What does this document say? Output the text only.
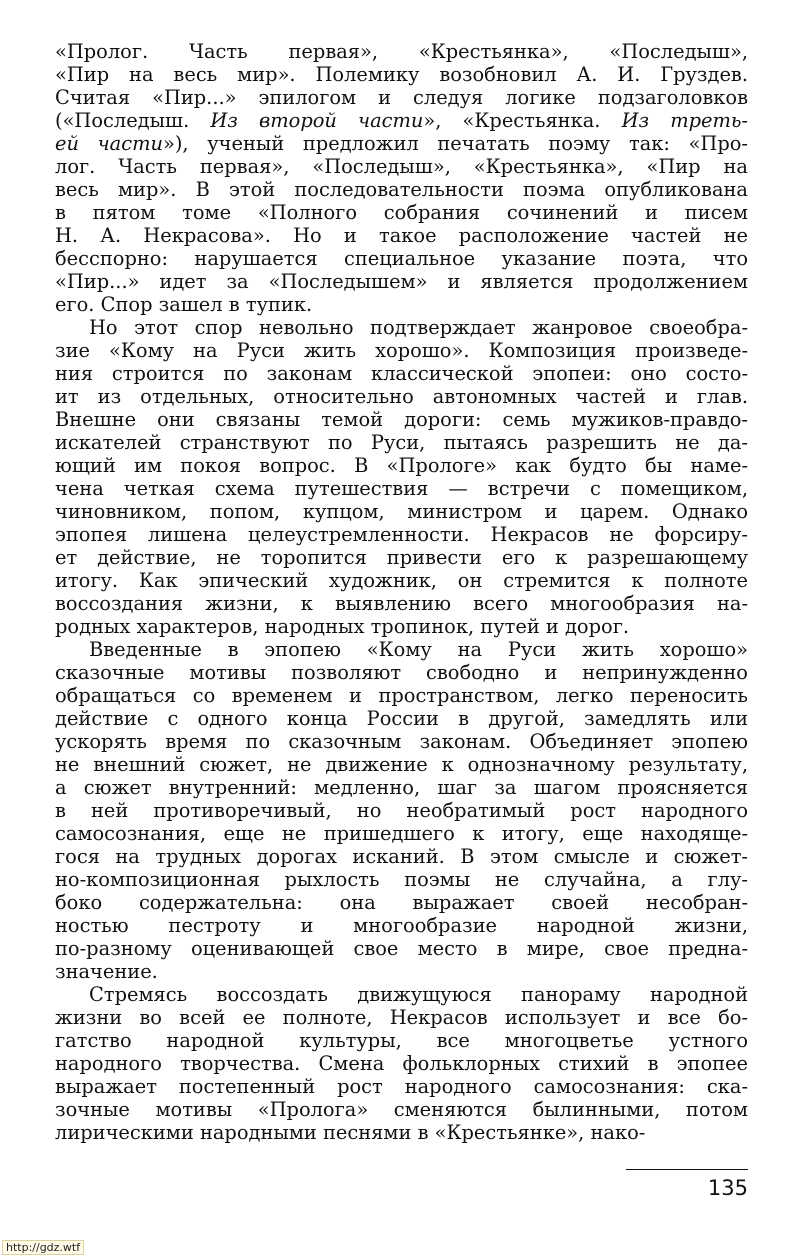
«Пролог. Часть первая», «Крестьянка», «Последыш»,
«Пир на весь мир». Полемику возобновил А. И. Груздев.
Считая «Пир...» эпилогом и следуя логике подзаголовков
(«Последыш. Из второй части», «Крестьянка. Из треть-
ей части»), ученый предложил печатать поэму так: «Про-
лог. Часть первая», «Последыш», «Крестьянка», «Пир на
весь мир». В этой последовательности поэма опубликована
в пятом томе «Полного собрания сочинений и писем
Н. А. Некрасова». Но и такое расположение частей не
бесспорно: нарушается специальное указание поэта, что
«Пир...» идет за «Последышем» и является продолжением
его. Спор зашел в тупик.
Но этот спор невольно подтверждает жанровое своеобра-
зие «Кому на Руси жить хорошо». Композиция произведе-
ния строится по законам классической эпопеи: оно состо-
ит из отдельных, относительно автономных частей и глав.
Внешне они связаны темой дороги: семь мужиков-правдо-
искателей странствуют по Руси, пытаясь разрешить не да-
ющий им покоя вопрос. В «Прологе» как будто бы наме-
чена четкая схема путешествия — встречи с помещиком,
чиновником, попом, купцом, министром и царем. Однако
эпопея лишена целеустремленности. Некрасов не форсиру-
ет действие, не торопится привести его к разрешающему
итогу. Как эпический художник, он стремится к полноте
воссоздания жизни, к выявлению всего многообразия на-
родных характеров, народных тропинок, путей и дорог.
Введенные в эпопею «Кому на Руси жить хорошо»
сказочные мотивы позволяют свободно и непринужденно
обращаться со временем и пространством, легко переносить
действие с одного конца России в другой, замедлять или
ускорять время по сказочным законам. Объединяет эпопею
не внешний сюжет, не движение к однозначному результату,
а сюжет внутренний: медленно, шаг за шагом проясняется
в ней противоречивый, но необратимый рост народного
самосознания, еще не пришедшего к итогу, еще находяще-
гося на трудных дорогах исканий. В этом смысле и сюжет-
но-композиционная рыхлость поэмы не случайна, а глу-
боко содержательна: она выражает своей несобран-
ностью пестроту и многообразие народной жизни,
по-разному оценивающей свое место в мире, свое предна-
значение.
Стремясь воссоздать движущуюся панораму народной
жизни во всей ее полноте, Некрасов использует и все бо-
гатство народной культуры, все многоцветье устного
народного творчества. Смена фольклорных стихий в эпопее
выражает постепенный рост народного самосознания: ска-
зочные мотивы «Пролога» сменяются былинными, потом
лирическими народными песнями в «Крестьянке», нако-
135
http://gdz.wtf
